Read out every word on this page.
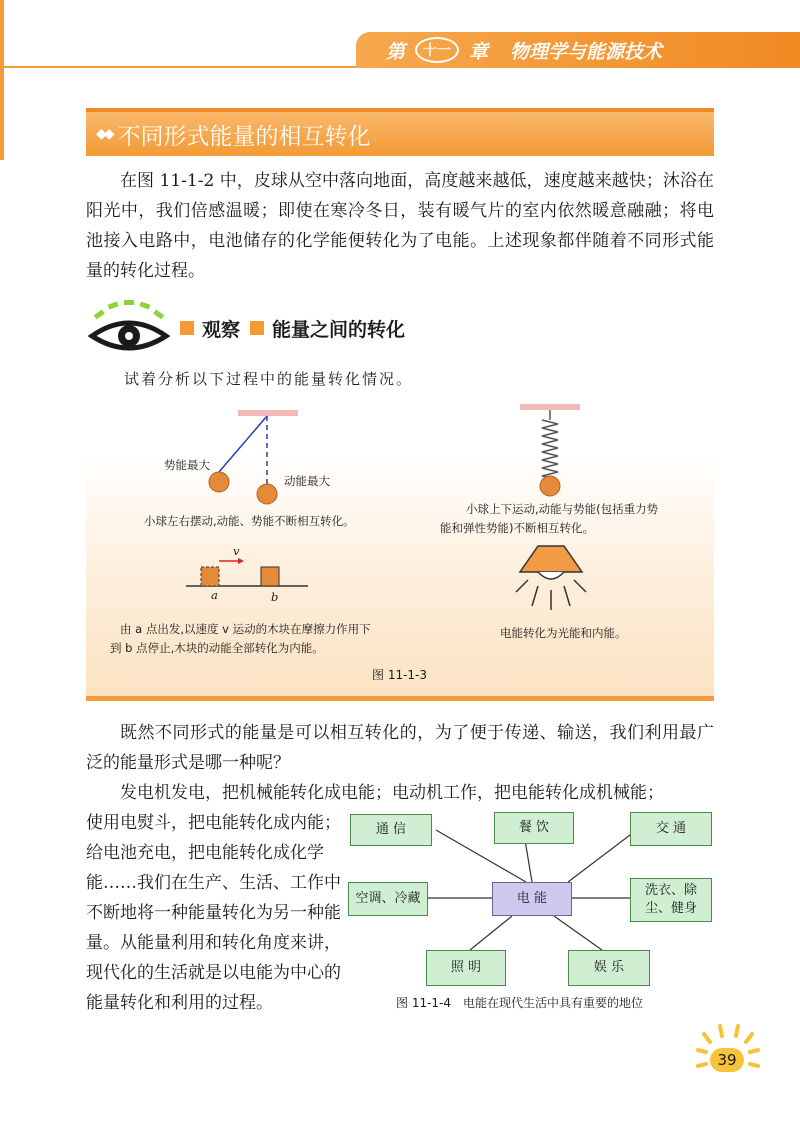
第	十一 章 物理学与能源技术
◆◆ 不同形式能量的相互转化

在图 11-1-2 中，皮球从空中落向地面，高度越来越低，速度越来越快；沐浴在阳光中，我们倍感温暖；即使在寒冷冬日，装有暖气片的室内依然暖意融融；将电池接入电路中，电池储存的化学能便转化为了电能。上述现象都伴随着不同形式能量的转化过程。

观察 能量之间的转化
试着分析以下过程中的能量转化情况。
势能最大
动能最大
小球左右摆动,动能、势能不断相互转化。
小球上下运动,动能与势能(包括重力势
能和弹性势能)不断相互转化。
v
a	b
由 a 点出发,以速度 v 运动的木块在摩擦力作用下
到 b 点停止,木块的动能全部转化为内能。
电能转化为光能和内能。
图 11-1-3

既然不同形式的能量是可以相互转化的，为了便于传递、输送，我们利用最广泛的能量形式是哪一种呢？

发电机发电，把机械能转化成电能；电动机工作，把电能转化成机械能；

使用电熨斗，把电能转化成内能；给电池充电，把电能转化成化学能……我们在生产、生活、工作中不断地将一种能量转化为另一种能量。从能量利用和转化角度来讲，现代化的生活就是以电能为中心的能量转化和利用的过程。

通 信	餐 饮	交 通
空调、冷藏	电 能
洗衣、除
尘、健身
照 明	娱 乐
图 11-1-4　电能在现代生活中具有重要的地位
39
